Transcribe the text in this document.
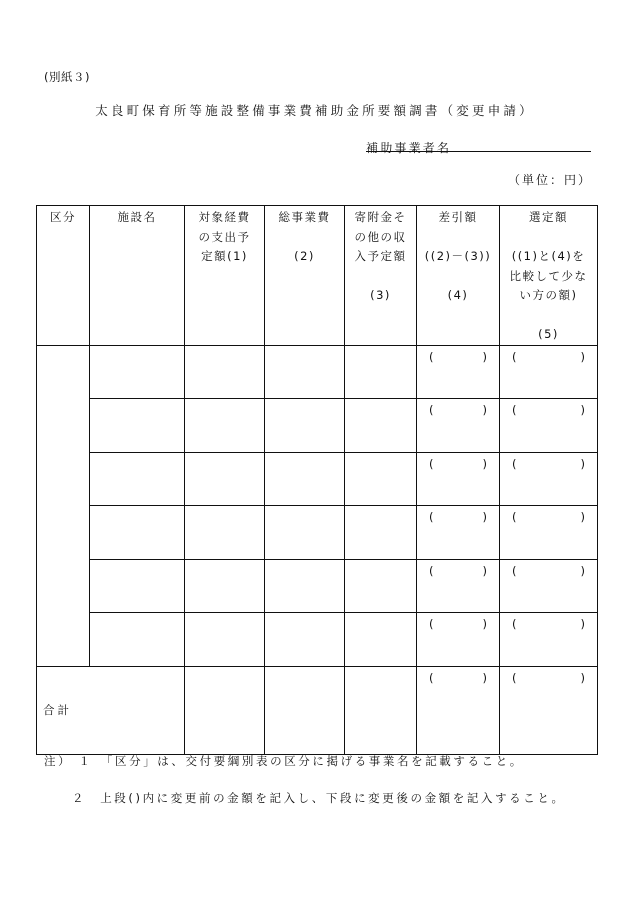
(別紙３)
太良町保育所等施設整備事業費補助金所要額調書（変更申請）
補助事業者名
（単位：円）
区分	施設名	対象経費
の支出予
定額(1)	総事業費
(2)	寄附金そ
の他の収
入予定額
(3)	差引額
((2)－(3))
(4)	選定額
((1)と(4)を
比較して少な
い方の額)
(5)

					( )	( )

					( )	( )

					( )	( )

					( )	( )

					( )	( )

					( )	( )

合計					( )	( )
注） １　「区分」は、交付要綱別表の区分に掲げる事業名を記載すること。
２　上段()内に変更前の金額を記入し、下段に変更後の金額を記入すること。
